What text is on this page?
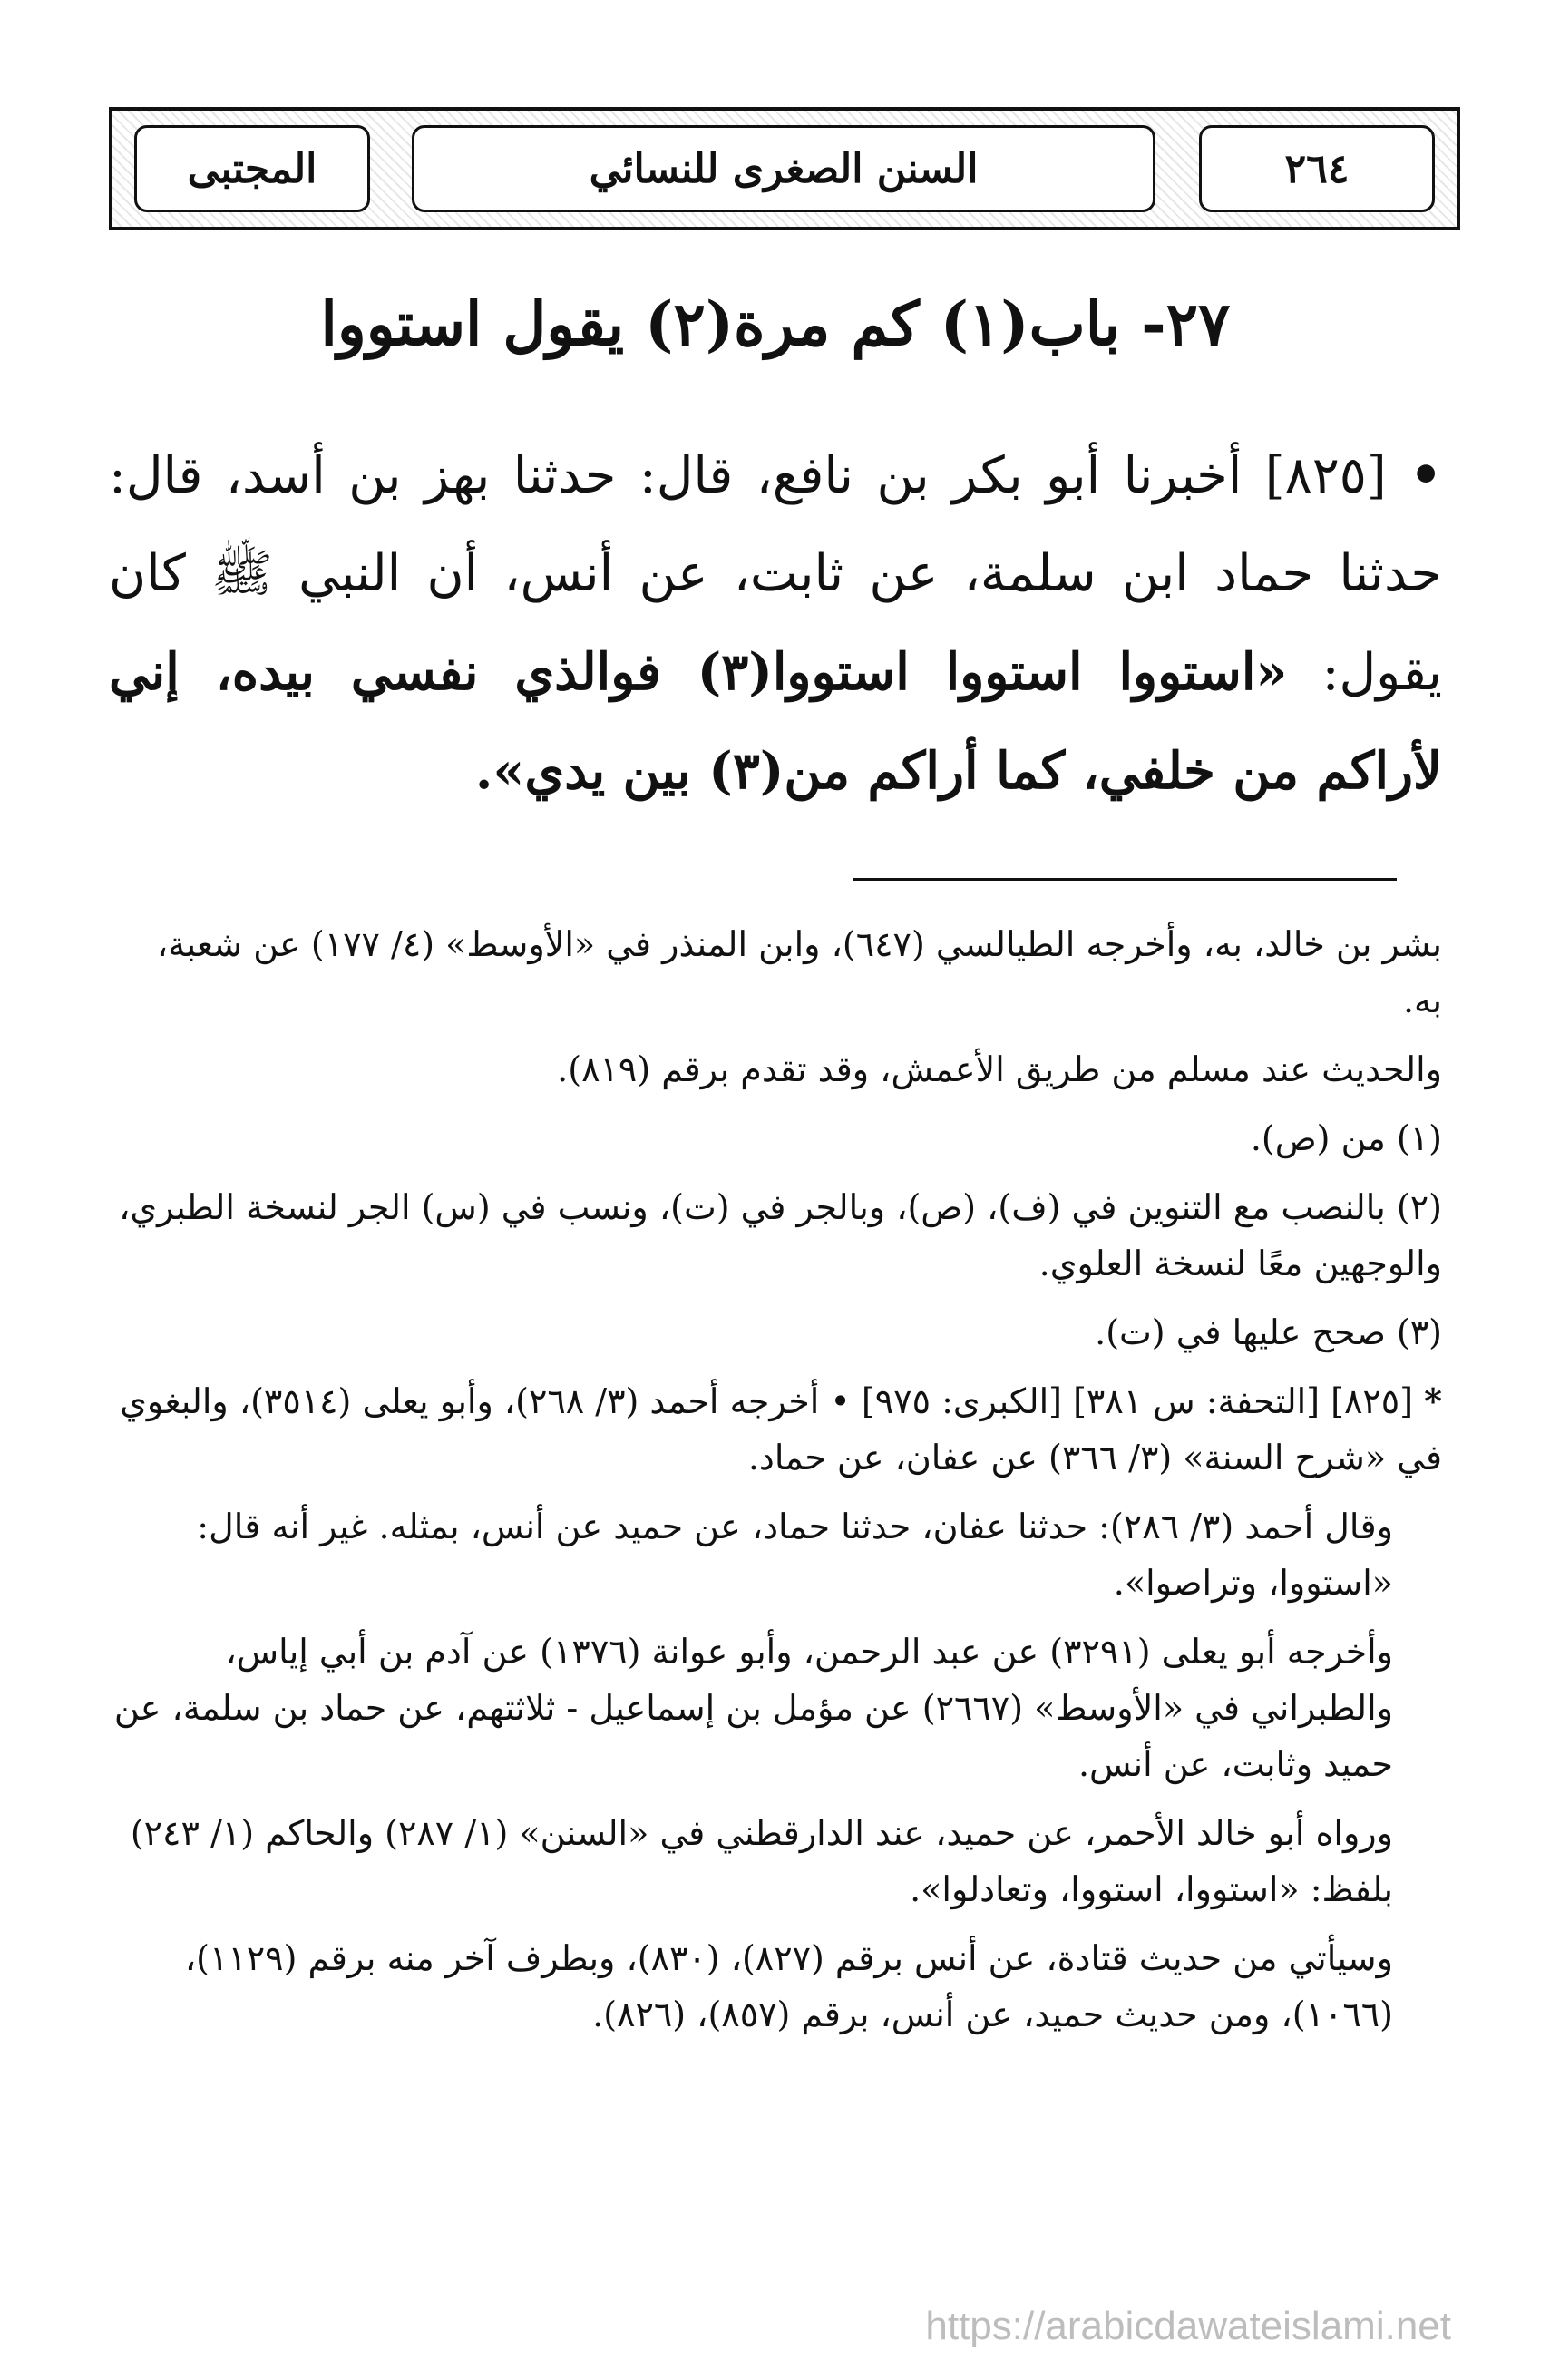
المجتبى	السنن الصغرى للنسائي	٢٦٤
٢٧- باب(١) كم مرة(٢) يقول استووا
• [٨٢٥] أخبرنا أبو بكر بن نافع، قال: حدثنا بهز بن أسد، قال: حدثنا حماد ابن سلمة، عن ثابت، عن أنس، أن النبي ﷺ كان يقول: «استووا استووا استووا(٣) فوالذي نفسي بيده، إني لأراكم من خلفي، كما أراكم من(٣) بين يدي».

بشر بن خالد، به، وأخرجه الطيالسي (٦٤٧)، وابن المنذر في «الأوسط» (٤/ ١٧٧) عن شعبة، به.

والحديث عند مسلم من طريق الأعمش، وقد تقدم برقم (٨١٩).

(١) من (ص).

(٢) بالنصب مع التنوين في (ف)، (ص)، وبالجر في (ت)، ونسب في (س) الجر لنسخة الطبري، والوجهين معًا لنسخة العلوي.

(٣) صحح عليها في (ت).

* [٨٢٥] [التحفة: س ٣٨١] [الكبرى: ٩٧٥] • أخرجه أحمد (٣/ ٢٦٨)، وأبو يعلى (٣٥١٤)، والبغوي في «شرح السنة» (٣/ ٣٦٦) عن عفان، عن حماد.

وقال أحمد (٣/ ٢٨٦): حدثنا عفان، حدثنا حماد، عن حميد عن أنس، بمثله. غير أنه قال: «استووا، وتراصوا».

وأخرجه أبو يعلى (٣٢٩١) عن عبد الرحمن، وأبو عوانة (١٣٧٦) عن آدم بن أبي إياس، والطبراني في «الأوسط» (٢٦٦٧) عن مؤمل بن إسماعيل - ثلاثتهم، عن حماد بن سلمة، عن حميد وثابت، عن أنس.

ورواه أبو خالد الأحمر، عن حميد، عند الدارقطني في «السنن» (١/ ٢٨٧) والحاكم (١/ ٢٤٣) بلفظ: «استووا، استووا، وتعادلوا».

وسيأتي من حديث قتادة، عن أنس برقم (٨٢٧)، (٨٣٠)، وبطرف آخر منه برقم (١١٢٩)، (١٠٦٦)، ومن حديث حميد، عن أنس، برقم (٨٥٧)، (٨٢٦).

https://arabicdawateislami.net
